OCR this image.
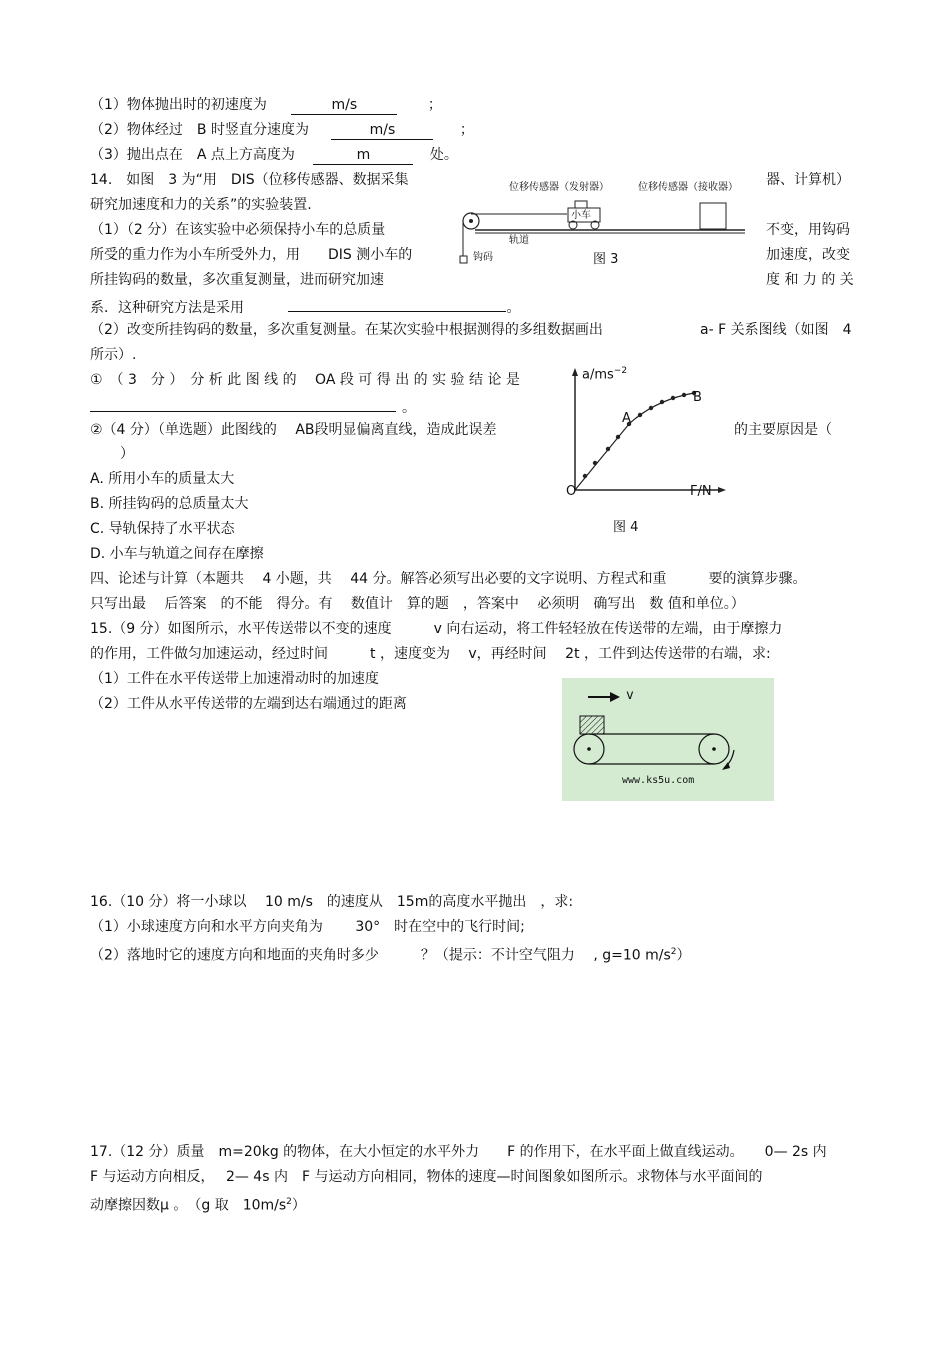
（1）物体抛出时的初速度为	m/s	；
（2）物体经过　B 时竖直分速度为	m/s	；
（3）抛出点在　A 点上方高度为	m	处。
14.　如图　3 为“用　DIS（位移传感器、数据采集	器、计算机）
研究加速度和力的关系”的实验装置.
（1）（2 分）在该实验中必须保持小车的总质量	不变，用钩码
所受的重力作为小车所受外力，用　　DIS 测小车的	加速度，改变
所挂钩码的数量，多次重复测量，进而研究加速	度 和 力 的 关
系．这种研究方法是采用	。
（2）改变所挂钩码的数量，多次重复测量。在某次实验中根据测得的多组数据画出	a- F 关系图线（如图　4
所示）.
①　（ 3　分 ）　分 析 此 图 线 的　 OA 段 可 得 出 的 实 验 结 论 是
。
②（4 分）（单选题）此图线的　 AB段明显偏离直线，造成此误差	的主要原因是（
）
A. 所用小车的质量太大
B. 所挂钩码的总质量太大
C. 导轨保持了水平状态
D. 小车与轨道之间存在摩擦
位移传感器（发射器）	位移传感器（接收器）
小车
轨道
钩码	图 3
$a/ms^{-2}$
F/N
O
A
B
图 4
四、论述与计算（本题共　 4 小题，共　 44 分。解答必须写出必要的文字说明、方程式和重　　　要的演算步骤。
只写出最　 后答案　的不能　得分。有　 数值计　算的题　，答案中　 必须明　确写出　数 值和单位。）
15.（9 分）如图所示，水平传送带以不变的速度　　　v 向右运动，将工件轻轻放在传送带的左端，由于摩擦力
的作用，工件做匀加速运动，经过时间　　　t ，速度变为　 v，再经时间　 2t ，工件到达传送带的右端，求:
（1）工件在水平传送带上加速滑动时的加速度
（2）工件从水平传送带的左端到达右端通过的距离
v
www.ks5u.com
16.（10 分）将一小球以　 10 m/s　的速度从　15m的高度水平抛出　，求:
（1）小球速度方向和水平方向夹角为　　 30°　时在空中的飞行时间;
（2）落地时它的速度方向和地面的夹角时多少　　　？（提示：不计空气阻力　 , g=10 $m/s^2$）
17.（12 分）质量　m=20kg 的物体，在大小恒定的水平外力　　F 的作用下，在水平面上做直线运动。　　0— 2s 内
F 与运动方向相反，　 2— 4s 内　F 与运动方向相同，物体的速度—时间图象如图所示。求物体与水平面间的
动摩擦因数μ 。　（g 取　$10m/s^2$）
